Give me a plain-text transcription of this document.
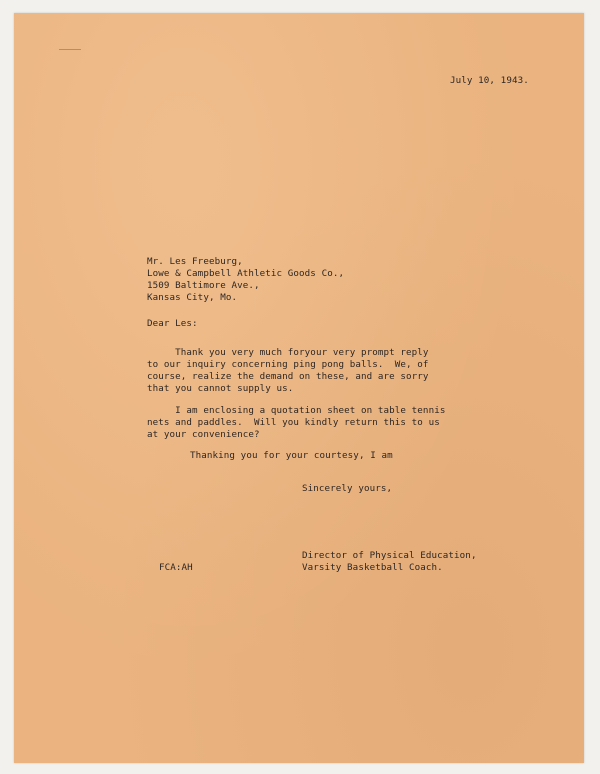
July 10, 1943.

Mr. Les Freeburg,
Lowe & Campbell Athletic Goods Co.,
1509 Baltimore Ave.,
Kansas City, Mo.

Dear Les:

Thank you very much foryour very prompt reply
to our inquiry concerning ping pong balls.  We, of
course, realize the demand on these, and are sorry
that you cannot supply us.
I am enclosing a quotation sheet on table tennis
nets and paddles.  Will you kindly return this to us
at your convenience?

Thanking you for your courtesy, I am

Sincerely yours,

Director of Physical Education,
Varsity Basketball Coach.

FCA:AH
